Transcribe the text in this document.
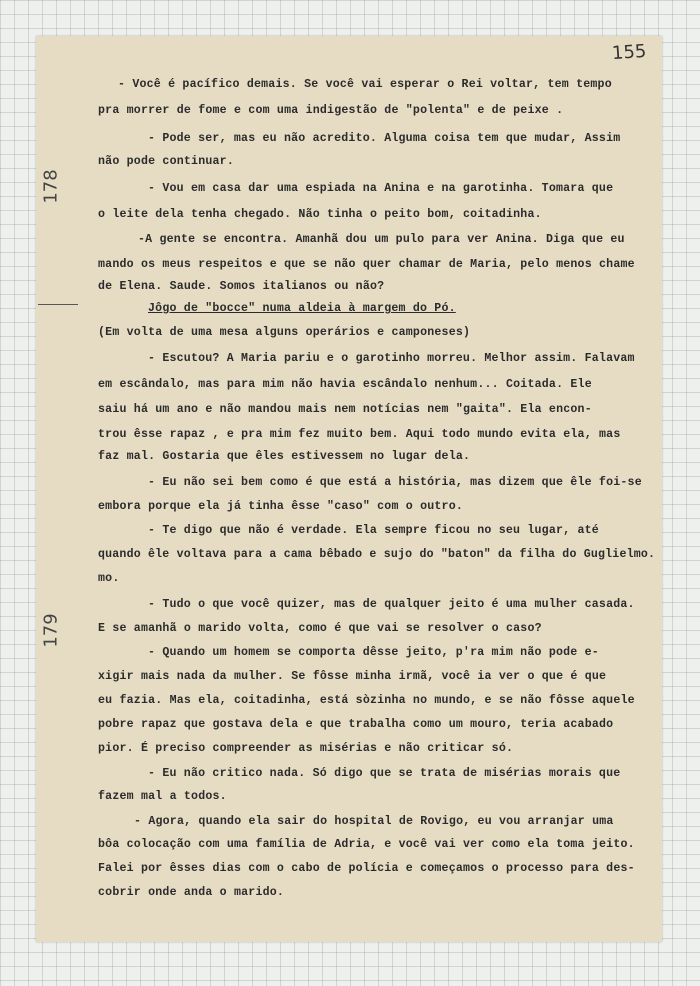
155
178
179
- Você é pacífico demais. Se você vai esperar o Rei voltar, tem tempo
pra morrer de fome e com uma indigestão de "polenta" e de peixe .
- Pode ser, mas eu não acredito. Alguma coisa tem que mudar, Assim
não pode continuar.
- Vou em casa dar uma espiada na Anina e na garotinha. Tomara que
o leite dela tenha chegado. Não tinha o peito bom, coitadinha.
-A gente se encontra. Amanhã dou um pulo para ver Anina. Diga que eu
mando os meus respeitos e que se não quer chamar de Maria, pelo menos chame
de Elena. Saude. Somos italianos ou não?
Jôgo de "bocce" numa aldeia à margem do Pó.
(Em volta de uma mesa alguns operários e camponeses)
- Escutou? A Maria pariu e o garotinho morreu. Melhor assim. Falavam
em escândalo, mas para mim não havia escândalo nenhum... Coitada. Ele
saiu há um ano e não mandou mais nem notícias nem "gaita". Ela encon-
trou êsse rapaz , e pra mim fez muito bem. Aqui todo mundo evita ela, mas
faz mal. Gostaria que êles estivessem no lugar dela.
- Eu não sei bem como é que está a história, mas dizem que êle foi-se
embora porque ela já tinha êsse "caso" com o outro.
- Te digo que não é verdade. Ela sempre ficou no seu lugar, até
quando êle voltava para a cama bêbado e sujo do "baton" da filha do Guglielmo.
mo.
- Tudo o que você quizer, mas de qualquer jeito é uma mulher casada.
E se amanhã o marido volta, como é que vai se resolver o caso?
- Quando um homem se comporta dêsse jeito, p'ra mim não pode e-
xigir mais nada da mulher. Se fôsse minha irmã, você ia ver o que é que
eu fazia. Mas ela, coitadinha, está sòzinha no mundo, e se não fôsse aquele
pobre rapaz que gostava dela e que trabalha como um mouro, teria acabado
pior. É preciso compreender as misérias e não criticar só.
- Eu não critico nada. Só digo que se trata de misérias morais que
fazem mal a todos.
- Agora, quando ela sair do hospital de Rovigo, eu vou arranjar uma
bôa colocação com uma família de Adria, e você vai ver como ela toma jeito.
Falei por êsses dias com o cabo de polícia e começamos o processo para des-
cobrir onde anda o marido.
